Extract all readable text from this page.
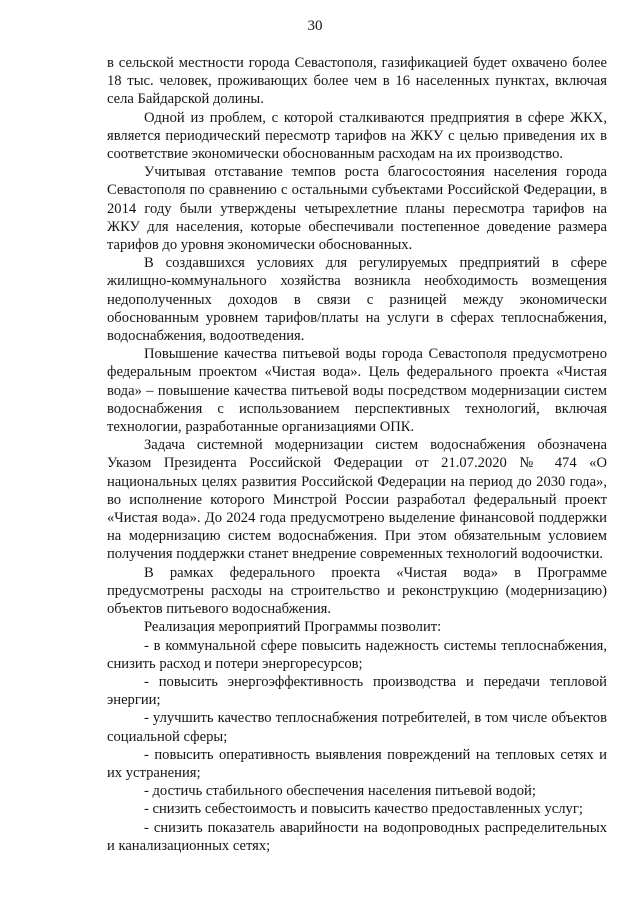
30

в сельской местности города Севастополя, газификацией будет охвачено более 18 тыс. человек, проживающих более чем в 16 населенных пунктах, включая села Байдарской долины.

Одной из проблем, с которой сталкиваются предприятия в сфере ЖКХ, является периодический пересмотр тарифов на ЖКУ с целью приведения их в соответствие экономически обоснованным расходам на их производство.

Учитывая отставание темпов роста благосостояния населения города Севастополя по сравнению с остальными субъектами Российской Федерации, в 2014 году были утверждены четырехлетние планы пересмотра тарифов на ЖКУ для населения, которые обеспечивали постепенное доведение размера тарифов до уровня экономически обоснованных.

В создавшихся условиях для регулируемых предприятий в сфере жилищно-коммунального хозяйства возникла необходимость возмещения недополученных доходов в связи с разницей между экономически обоснованным уровнем тарифов/платы на услуги в сферах теплоснабжения, водоснабжения, водоотведения.

Повышение качества питьевой воды города Севастополя предусмотрено федеральным проектом «Чистая вода». Цель федерального проекта «Чистая вода» – повышение качества питьевой воды посредством модернизации систем водоснабжения с использованием перспективных технологий, включая технологии, разработанные организациями ОПК.

Задача системной модернизации систем водоснабжения обозначена Указом Президента Российской Федерации от 21.07.2020 № 474 «О национальных целях развития Российской Федерации на период до 2030 года», во исполнение которого Минстрой России разработал федеральный проект «Чистая вода». До 2024 года предусмотрено выделение финансовой поддержки на модернизацию систем водоснабжения. При этом обязательным условием получения поддержки станет внедрение современных технологий водоочистки.

В рамках федерального проекта «Чистая вода» в Программе предусмотрены расходы на строительство и реконструкцию (модернизацию) объектов питьевого водоснабжения.

Реализация мероприятий Программы позволит:

- в коммунальной сфере повысить надежность системы теплоснабжения, снизить расход и потери энергоресурсов;

- повысить энергоэффективность производства и передачи тепловой энергии;

- улучшить качество теплоснабжения потребителей, в том числе объектов социальной сферы;

- повысить оперативность выявления повреждений на тепловых сетях и их устранения;

- достичь стабильного обеспечения населения питьевой водой;

- снизить себестоимость и повысить качество предоставленных услуг;

- снизить показатель аварийности на водопроводных распределительных и канализационных сетях;
